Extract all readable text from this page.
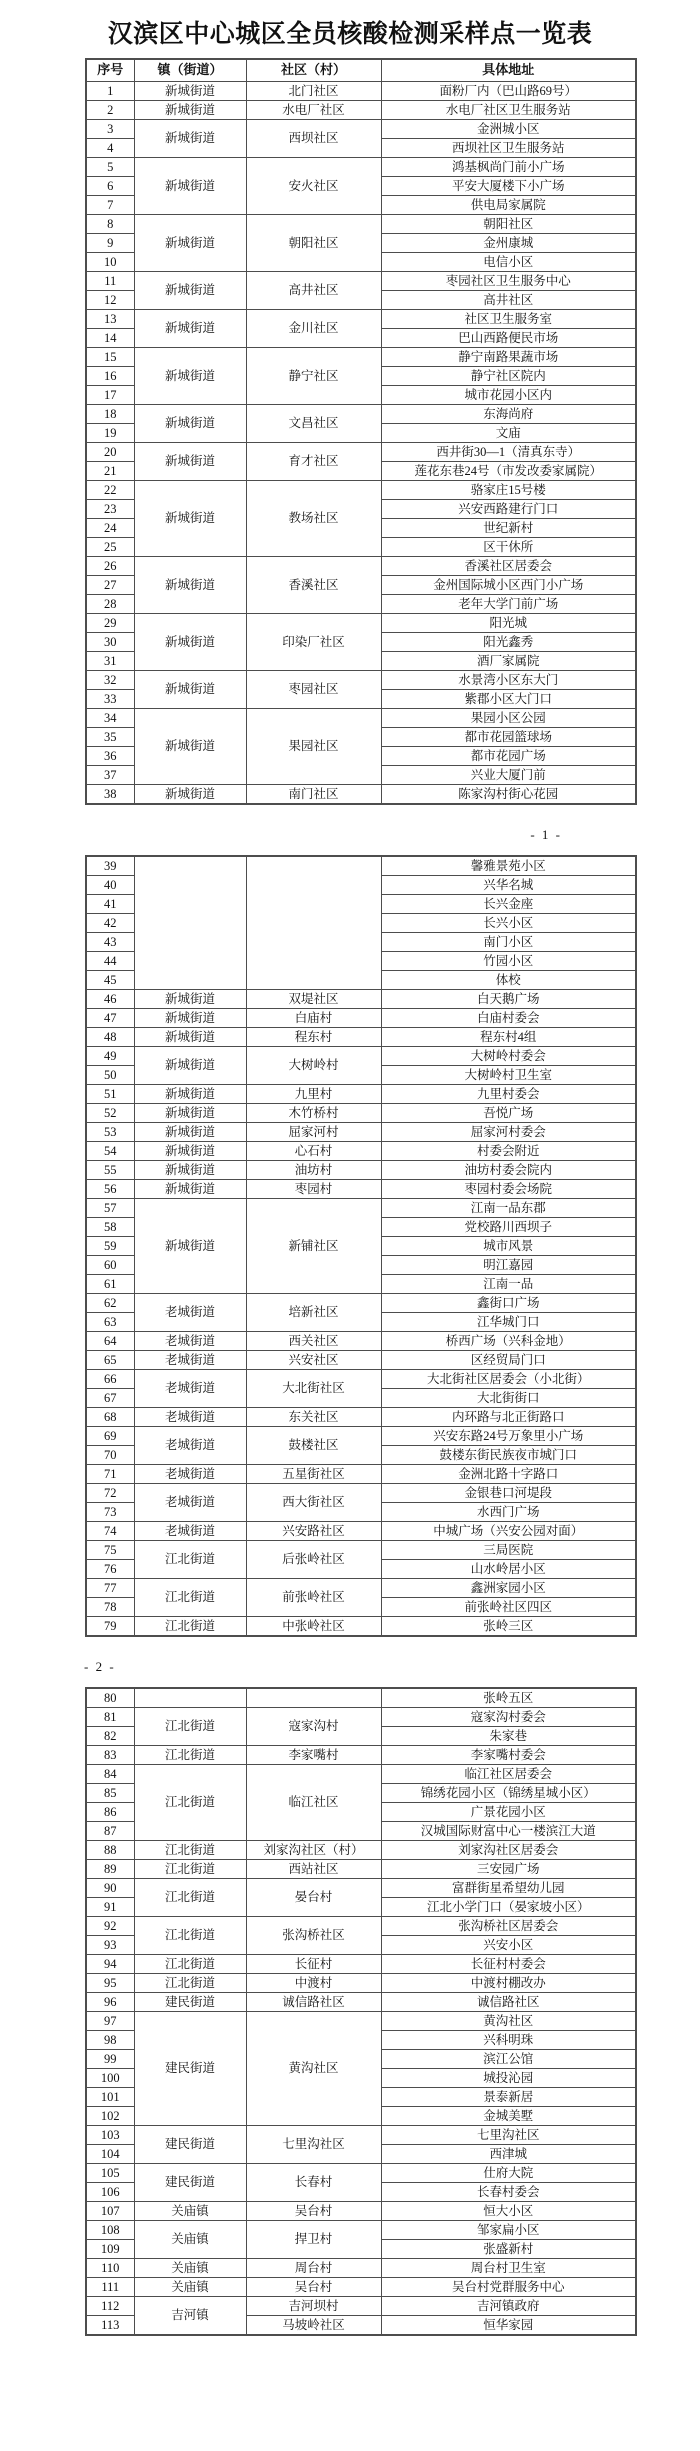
汉滨区中心城区全员核酸检测采样点一览表
序号	镇（街道）	社区（村）	具体地址
1	新城街道	北门社区	面粉厂内（巴山路69号）
2	新城街道	水电厂社区	水电厂社区卫生服务站
3	新城街道	西坝社区	金洲城小区
4			西坝社区卫生服务站
5	新城街道	安火社区	鸿基枫尚门前小广场
6			平安大厦楼下小广场
7			供电局家属院
8	新城街道	朝阳社区	朝阳社区
9			金州康城
10			电信小区
11	新城街道	高井社区	枣园社区卫生服务中心
12			高井社区
13	新城街道	金川社区	社区卫生服务室
14			巴山西路便民市场
15	新城街道	静宁社区	静宁南路果蔬市场
16			静宁社区院内
17			城市花园小区内
18	新城街道	文昌社区	东海尚府
19			文庙
20	新城街道	育才社区	西井街30—1（清真东寺）
21			莲花东巷24号（市发改委家属院）
22	新城街道	教场社区	骆家庄15号楼
23			兴安西路建行门口
24			世纪新村
25			区干休所
26	新城街道	香溪社区	香溪社区居委会
27			金州国际城小区西门小广场
28			老年大学门前广场
29	新城街道	印染厂社区	阳光城
30			阳光鑫秀
31			酒厂家属院
32	新城街道	枣园社区	水景湾小区东大门
33			紫郡小区大门口
34	新城街道	果园社区	果园小区公园
35			都市花园篮球场
36			都市花园广场
37			兴业大厦门前
38	新城街道	南门社区	陈家沟村街心花园
- 1 -
39			馨雅景苑小区
40			兴华名城
41			长兴金座
42			长兴小区
43			南门小区
44			竹园小区
45			体校
46	新城街道	双堤社区	白天鹅广场
47	新城街道	白庙村	白庙村委会
48	新城街道	程东村	程东村4组
49	新城街道	大树岭村	大树岭村委会
50			大树岭村卫生室
51	新城街道	九里村	九里村委会
52	新城街道	木竹桥村	吾悦广场
53	新城街道	屈家河村	屈家河村委会
54	新城街道	心石村	村委会附近
55	新城街道	油坊村	油坊村委会院内
56	新城街道	枣园村	枣园村委会场院
57	新城街道	新铺社区	江南一品东郡
58			党校路川西坝子
59			城市风景
60			明江嘉园
61			江南一品
62	老城街道	培新社区	鑫街口广场
63			江华城门口
64	老城街道	西关社区	桥西广场（兴科金地）
65	老城街道	兴安社区	区经贸局门口
66	老城街道	大北街社区	大北街社区居委会（小北街）
67			大北街街口
68	老城街道	东关社区	内环路与北正街路口
69	老城街道	鼓楼社区	兴安东路24号万象里小广场
70			鼓楼东街民族夜市城门口
71	老城街道	五星街社区	金洲北路十字路口
72	老城街道	西大街社区	金银巷口河堤段
73			水西门广场
74	老城街道	兴安路社区	中城广场（兴安公园对面）
75	江北街道	后张岭社区	三局医院
76			山水岭居小区
77	江北街道	前张岭社区	鑫洲家园小区
78			前张岭社区四区
79	江北街道	中张岭社区	张岭三区
- 2 -
80			张岭五区
81	江北街道	寇家沟村	寇家沟村委会
82			朱家巷
83	江北街道	李家嘴村	李家嘴村委会
84	江北街道	临江社区	临江社区居委会
85			锦绣花园小区（锦绣星城小区）
86			广景花园小区
87			汉城国际财富中心一楼滨江大道
88	江北街道	刘家沟社区（村）	刘家沟社区居委会
89	江北街道	西站社区	三安园广场
90	江北街道	晏台村	富群街星希望幼儿园
91			江北小学门口（晏家坡小区）
92	江北街道	张沟桥社区	张沟桥社区居委会
93			兴安小区
94	江北街道	长征村	长征村村委会
95	江北街道	中渡村	中渡村棚改办
96	建民街道	诚信路社区	诚信路社区
97	建民街道	黄沟社区	黄沟社区
98			兴科明珠
99			滨江公馆
100			城投沁园
101			景泰新居
102			金城美墅
103	建民街道	七里沟社区	七里沟社区
104			西津城
105	建民街道	长春村	仕府大院
106			长春村委会
107	关庙镇	吴台村	恒大小区
108	关庙镇	捍卫村	邹家扁小区
109			张盛新村
110	关庙镇	周台村	周台村卫生室
111	关庙镇	吴台村	吴台村党群服务中心
112	吉河镇	吉河坝村	吉河镇政府
113		马坡岭社区	恒华家园
